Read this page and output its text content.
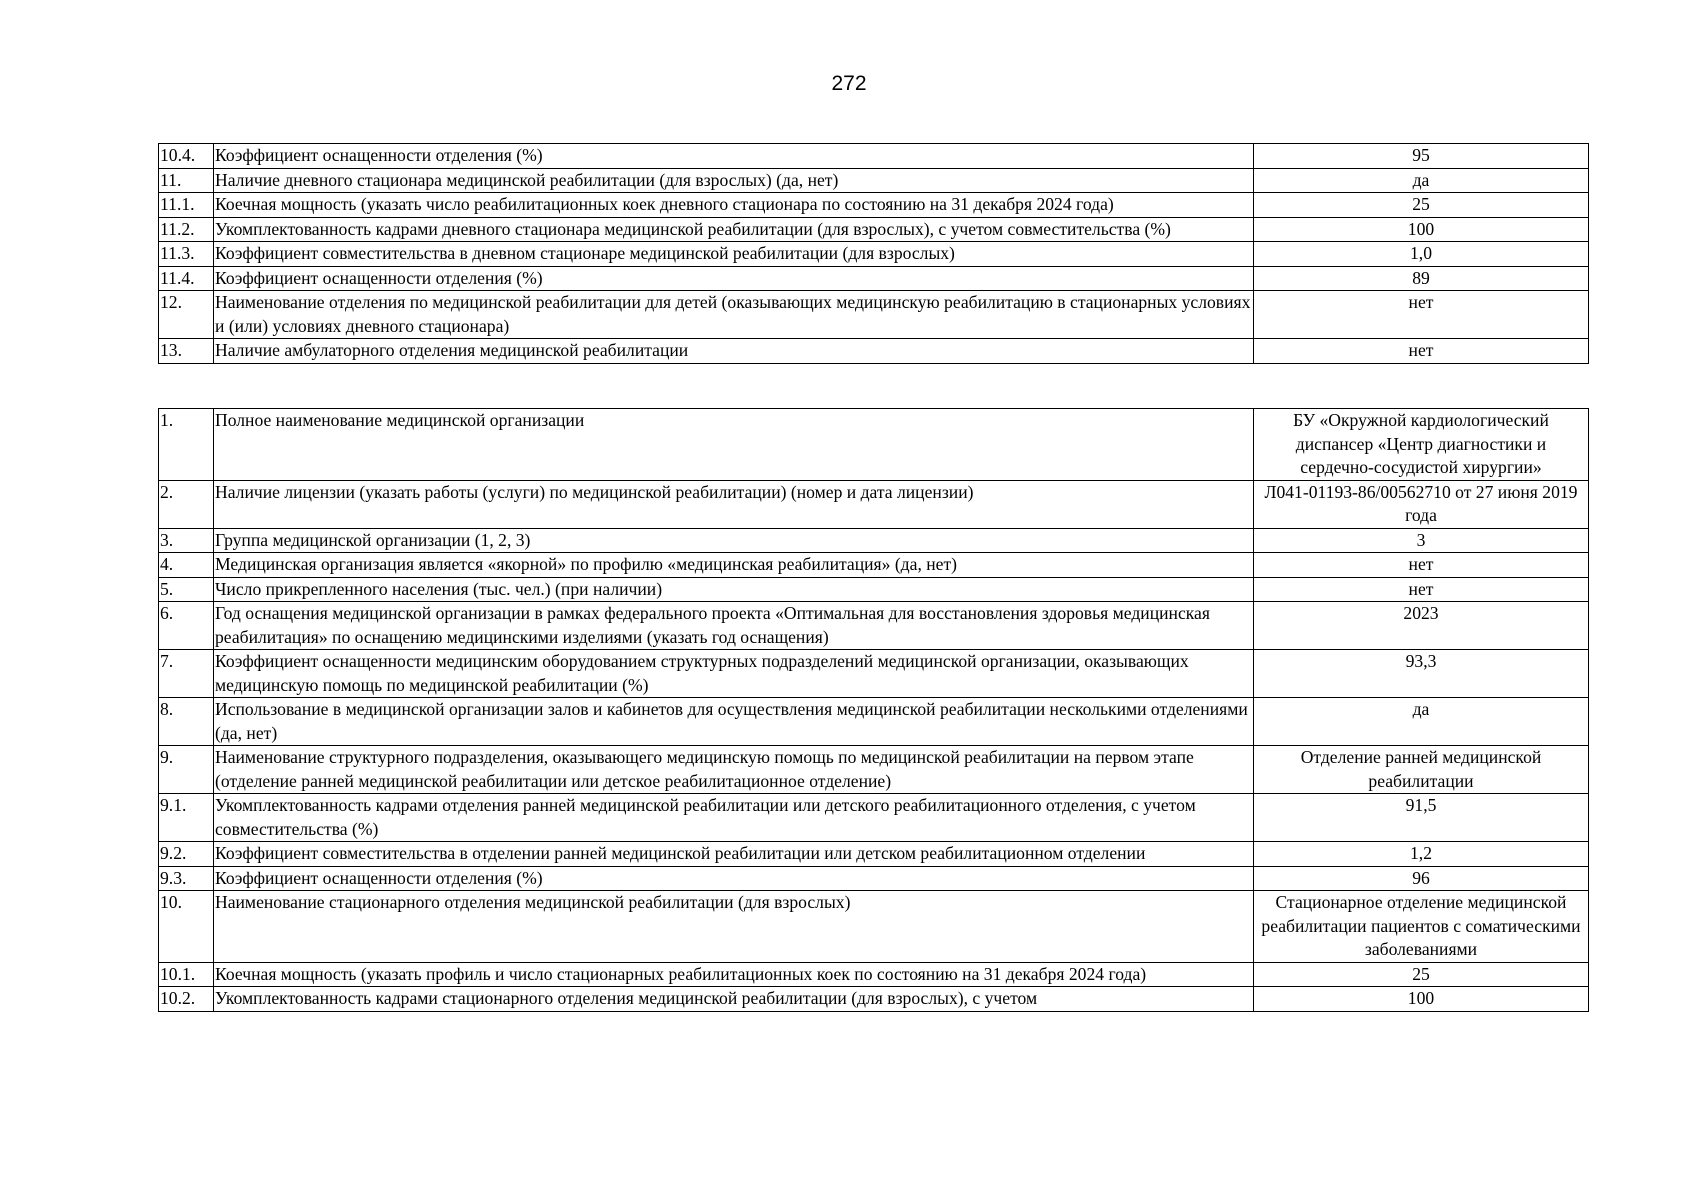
272
10.4.	Коэффициент оснащенности отделения (%)	95
11.	Наличие дневного стационара медицинской реабилитации (для взрослых) (да, нет)	да
11.1.	Коечная мощность (указать число реабилитационных коек дневного стационара по состоянию на 31 декабря 2024 года)	25
11.2.	Укомплектованность кадрами дневного стационара медицинской реабилитации (для взрослых), с учетом совместительства (%)	100
11.3.	Коэффициент совместительства в дневном стационаре медицинской реабилитации (для взрослых)	1,0
11.4.	Коэффициент оснащенности отделения (%)	89
12.	Наименование отделения по медицинской реабилитации для детей (оказывающих медицинскую реабилитацию в стационарных условиях и (или) условиях дневного стационара)	нет
13.	Наличие амбулаторного отделения медицинской реабилитации	нет
1.	Полное наименование медицинской организации	БУ «Окружной кардиологический диспансер «Центр диагностики и сердечно-сосудистой хирургии»
2.	Наличие лицензии (указать работы (услуги) по медицинской реабилитации) (номер и дата лицензии)	Л041-01193-86/00562710 от 27 июня 2019 года
3.	Группа медицинской организации (1, 2, 3)	3
4.	Медицинская организация является «якорной» по профилю «медицинская реабилитация» (да, нет)	нет
5.	Число прикрепленного населения (тыс. чел.) (при наличии)	нет
6.	Год оснащения медицинской организации в рамках федерального проекта «Оптимальная для восстановления здоровья медицинская реабилитация» по оснащению медицинскими изделиями (указать год оснащения)	2023
7.	Коэффициент оснащенности медицинским оборудованием структурных подразделений медицинской организации, оказывающих медицинскую помощь по медицинской реабилитации (%)	93,3
8.	Использование в медицинской организации залов и кабинетов для осуществления медицинской реабилитации несколькими отделениями (да, нет)	да
9.	Наименование структурного подразделения, оказывающего медицинскую помощь по медицинской реабилитации на первом этапе (отделение ранней медицинской реабилитации или детское реабилитационное отделение)	Отделение ранней медицинской реабилитации
9.1.	Укомплектованность кадрами отделения ранней медицинской реабилитации или детского реабилитационного отделения, с учетом совместительства (%)	91,5
9.2.	Коэффициент совместительства в отделении ранней медицинской реабилитации или детском реабилитационном отделении	1,2
9.3.	Коэффициент оснащенности отделения (%)	96
10.	Наименование стационарного отделения медицинской реабилитации (для взрослых)	Стационарное отделение медицинской реабилитации пациентов с соматическими заболеваниями
10.1.	Коечная мощность (указать профиль и число стационарных реабилитационных коек по состоянию на 31 декабря 2024 года)	25
10.2.	Укомплектованность кадрами стационарного отделения медицинской реабилитации (для взрослых), с учетом	100
